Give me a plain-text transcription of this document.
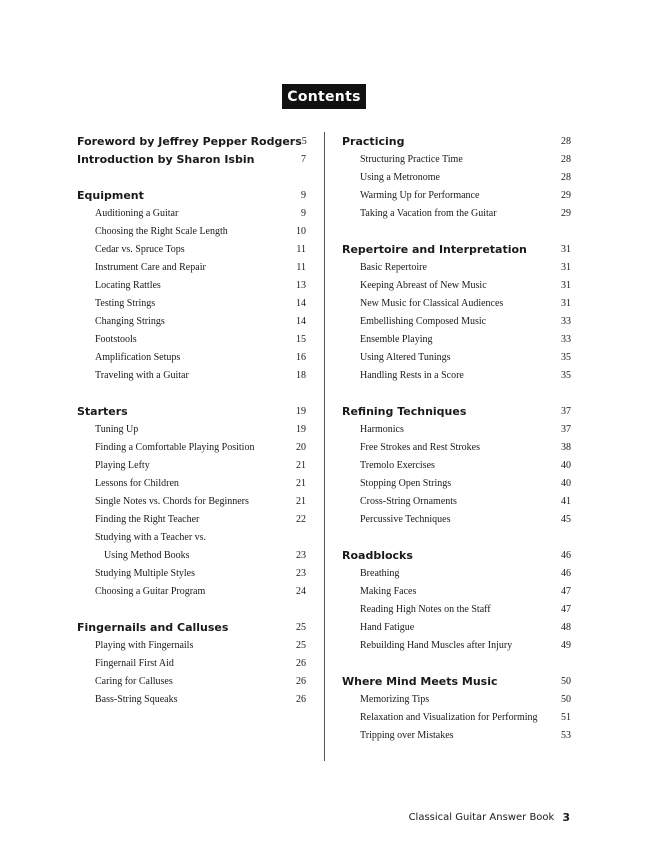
Contents
Foreword by Jeffrey Pepper Rodgers 5
Introduction by Sharon Isbin	7
Equipment	9
Auditioning a Guitar	9
Choosing the Right Scale Length	10
Cedar vs. Spruce Tops	11
Instrument Care and Repair	11
Locating Rattles	13
Testing Strings	14
Changing Strings	14
Footstools	15
Amplification Setups	16
Traveling with a Guitar	18
Starters	19
Tuning Up	19
Finding a Comfortable Playing Position	20
Playing Lefty	21
Lessons for Children	21
Single Notes vs. Chords for Beginners	21
Finding the Right Teacher	22
Studying with a Teacher vs.
Using Method Books	23
Studying Multiple Styles	23
Choosing a Guitar Program	24
Fingernails and Calluses	25
Playing with Fingernails	25
Fingernail First Aid	26
Caring for Calluses	26
Bass-String Squeaks	26
Practicing	28
Structuring Practice Time	28
Using a Metronome	28
Warming Up for Performance	29
Taking a Vacation from the Guitar	29
Repertoire and Interpretation	31
Basic Repertoire	31
Keeping Abreast of New Music	31
New Music for Classical Audiences	31
Embellishing Composed Music	33
Ensemble Playing	33
Using Altered Tunings	35
Handling Rests in a Score	35
Refining Techniques	37
Harmonics	37
Free Strokes and Rest Strokes	38
Tremolo Exercises	40
Stopping Open Strings	40
Cross-String Ornaments	41
Percussive Techniques	45
Roadblocks	46
Breathing	46
Making Faces	47
Reading High Notes on the Staff	47
Hand Fatigue	48
Rebuilding Hand Muscles after Injury	49
Where Mind Meets Music	50
Memorizing Tips	50
Relaxation and Visualization for Performing 51
Tripping over Mistakes	53
Classical Guitar Answer Book 3
